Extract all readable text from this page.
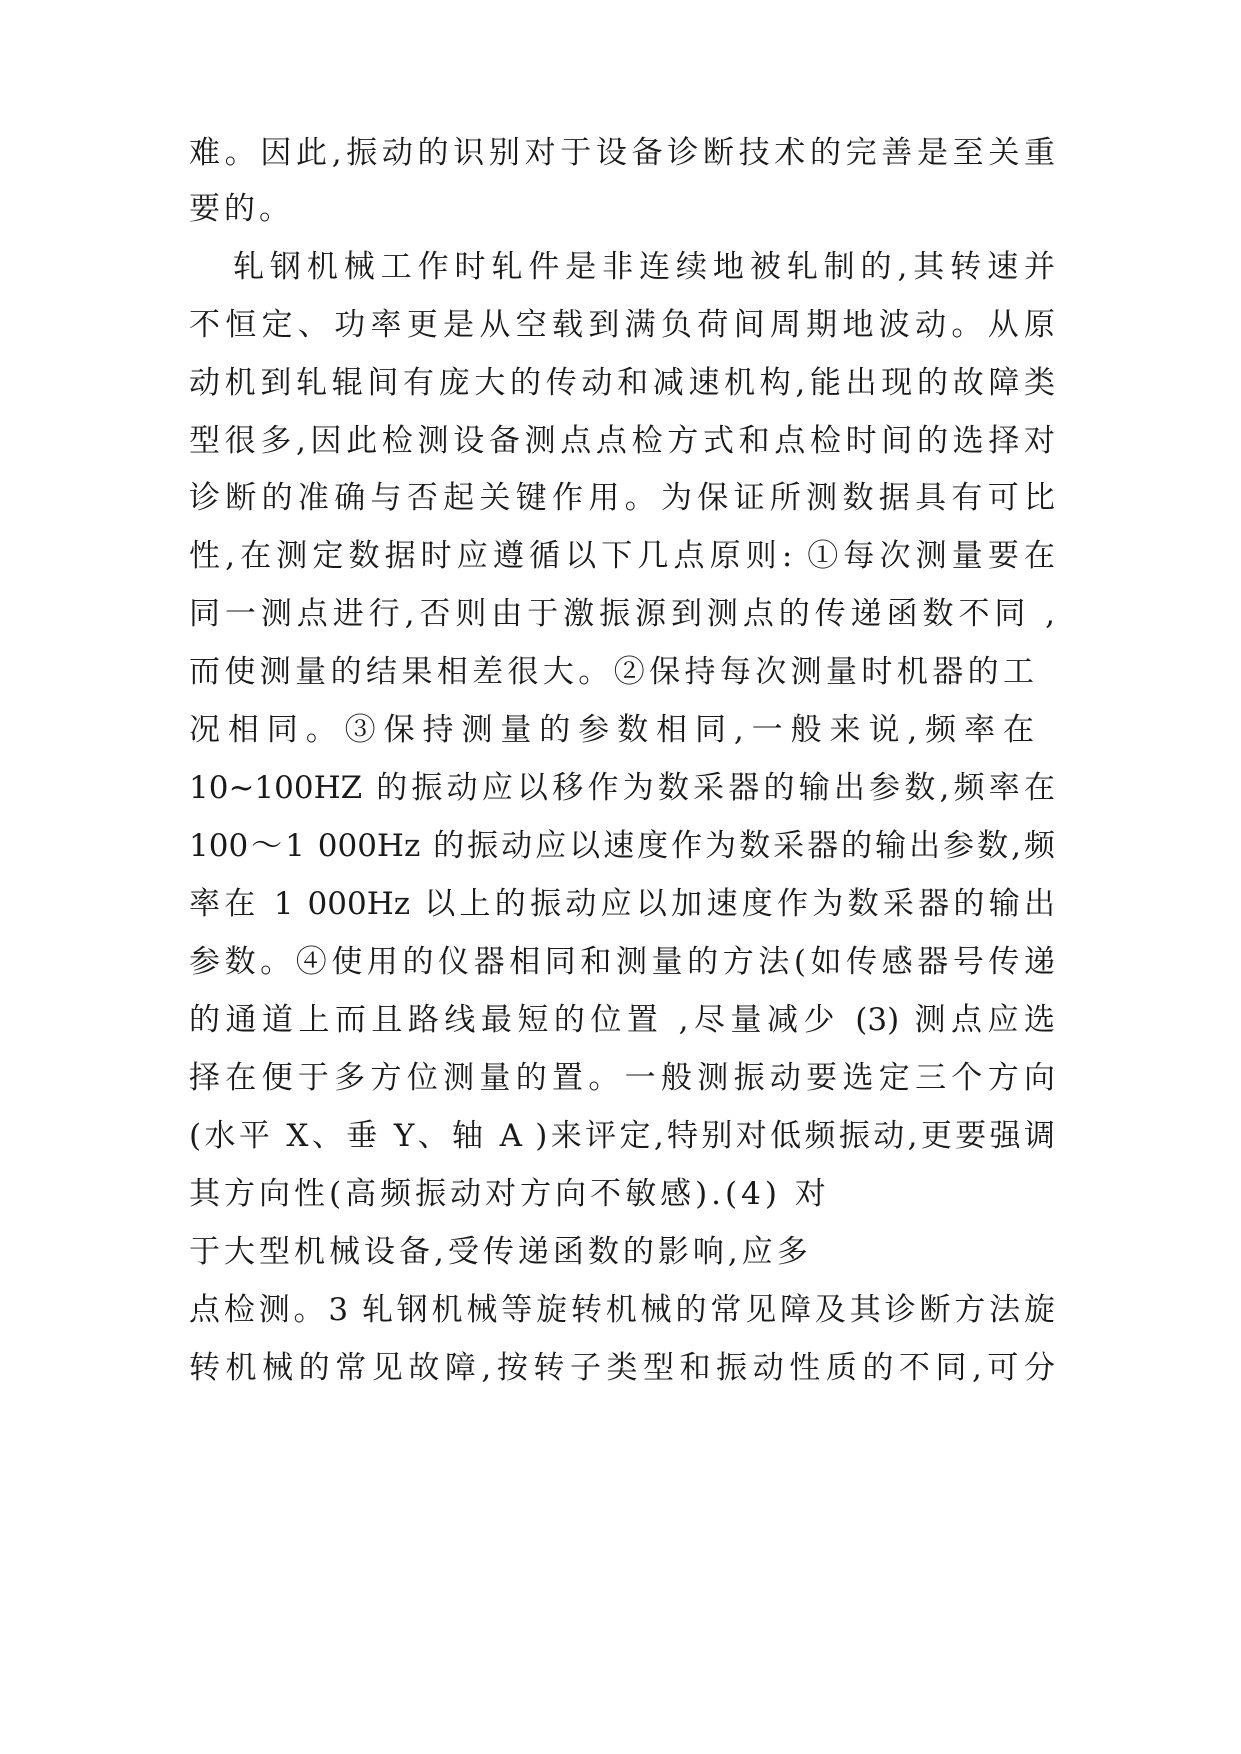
难。因此,振动的识别对于设备诊断技术的完善是至关重
要的。
轧钢机械工作时轧件是非连续地被轧制的,其转速并
不恒定、功率更是从空载到满负荷间周期地波动。从原
动机到轧辊间有庞大的传动和减速机构,能出现的故障类
型很多,因此检测设备测点点检方式和点检时间的选择对
诊断的准确与否起关键作用。为保证所测数据具有可比
性,在测定数据时应遵循以下几点原则: ①每次测量要在
同一测点进行,否则由于激振源到测点的传递函数不同 ,
而使测量的结果相差很大。②保持每次测量时机器的工
况相同。③保持测量的参数相同,一般来说,频率在
10~100HZ 的振动应以移作为数采器的输出参数,频率在
100～1 000Hz 的振动应以速度作为数采器的输出参数,频
率在 1 000Hz 以上的振动应以加速度作为数采器的输出
参数。④使用的仪器相同和测量的方法(如传感器号传递
的通道上而且路线最短的位置 ,尽量减少 (3) 测点应选
择在便于多方位测量的置。一般测振动要选定三个方向
(水平 X、垂 Y、轴 A )来评定,特别对低频振动,更要强调
其方向性(高频振动对方向不敏感).(4) 对
于大型机械设备,受传递函数的影响,应多
点检测。3 轧钢机械等旋转机械的常见障及其诊断方法旋
转机械的常见故障,按转子类型和振动性质的不同,可分
